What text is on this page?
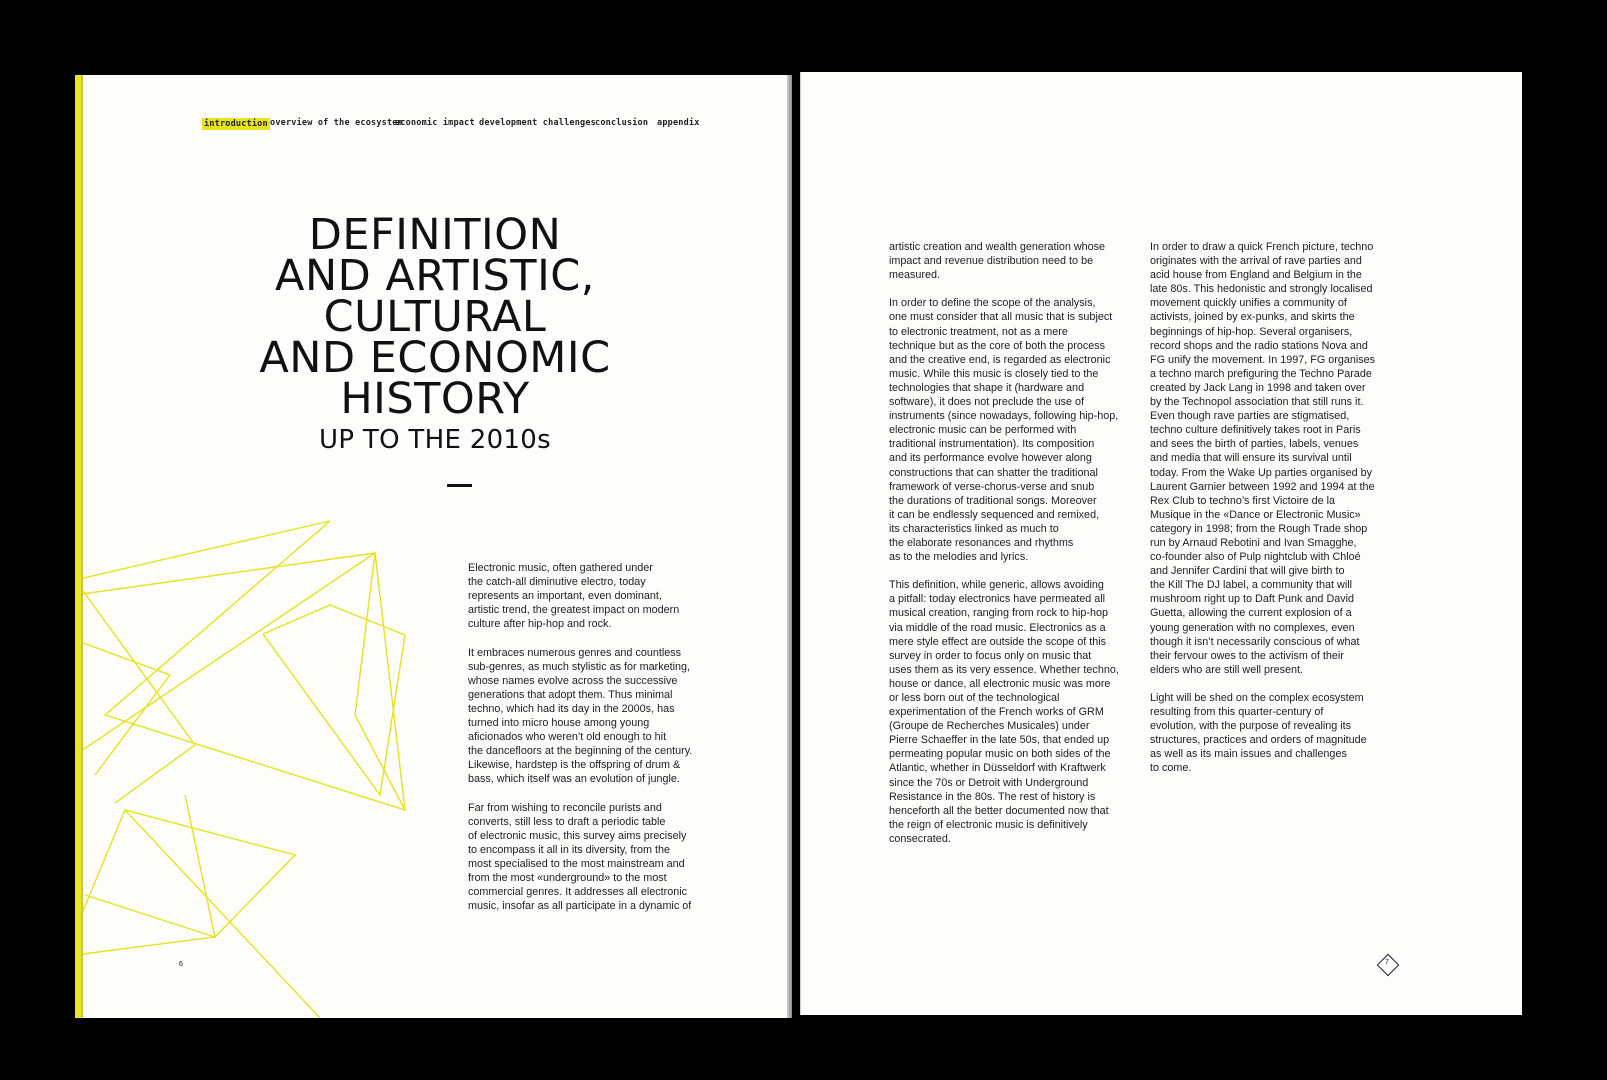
introduction overview of the ecosystem
economic impact development challenges conclusion appendix
DEFINITION
AND ARTISTIC,
CULTURAL
AND ECONOMIC
HISTORY
UP TO THE 2010s

Electronic music, often gathered under
the catch-all diminutive electro, today
represents an important, even dominant,
artistic trend, the greatest impact on modern
culture after hip-hop and rock.

It embraces numerous genres and countless
sub-genres, as much stylistic as for marketing,
whose names evolve across the successive
generations that adopt them. Thus minimal
techno, which had its day in the 2000s, has
turned into micro house among young
aficionados who weren’t old enough to hit
the dancefloors at the beginning of the century.
Likewise, hardstep is the offspring of drum &
bass, which itself was an evolution of jungle.

Far from wishing to reconcile purists and
converts, still less to draft a periodic table
of electronic music, this survey aims precisely
to encompass it all in its diversity, from the
most specialised to the most mainstream and
from the most «underground» to the most
commercial genres. It addresses all electronic
music, insofar as all participate in a dynamic of

6

artistic creation and wealth generation whose
impact and revenue distribution need to be
measured.

In order to define the scope of the analysis,
one must consider that all music that is subject
to electronic treatment, not as a mere
technique but as the core of both the process
and the creative end, is regarded as electronic
music. While this music is closely tied to the
technologies that shape it (hardware and
software), it does not preclude the use of
instruments (since nowadays, following hip-hop,
electronic music can be performed with
traditional instrumentation). Its composition
and its performance evolve however along
constructions that can shatter the traditional
framework of verse-chorus-verse and snub
the durations of traditional songs. Moreover
it can be endlessly sequenced and remixed,
its characteristics linked as much to
the elaborate resonances and rhythms
as to the melodies and lyrics.

This definition, while generic, allows avoiding
a pitfall: today electronics have permeated all
musical creation, ranging from rock to hip-hop
via middle of the road music. Electronics as a
mere style effect are outside the scope of this
survey in order to focus only on music that
uses them as its very essence. Whether techno,
house or dance, all electronic music was more
or less born out of the technological
experimentation of the French works of GRM
(Groupe de Recherches Musicales) under
Pierre Schaeffer in the late 50s, that ended up
permeating popular music on both sides of the
Atlantic, whether in Düsseldorf with Kraftwerk
since the 70s or Detroit with Underground
Resistance in the 80s. The rest of history is
henceforth all the better documented now that
the reign of electronic music is definitively
consecrated.

In order to draw a quick French picture, techno
originates with the arrival of rave parties and
acid house from England and Belgium in the
late 80s. This hedonistic and strongly localised
movement quickly unifies a community of
activists, joined by ex-punks, and skirts the
beginnings of hip-hop. Several organisers,
record shops and the radio stations Nova and
FG unify the movement. In 1997, FG organises
a techno march prefiguring the Techno Parade
created by Jack Lang in 1998 and taken over
by the Technopol association that still runs it.
Even though rave parties are stigmatised,
techno culture definitively takes root in Paris
and sees the birth of parties, labels, venues
and media that will ensure its survival until
today. From the Wake Up parties organised by
Laurent Garnier between 1992 and 1994 at the
Rex Club to techno’s first Victoire de la
Musique in the «Dance or Electronic Music»
category in 1998; from the Rough Trade shop
run by Arnaud Rebotini and Ivan Smagghe,
co-founder also of Pulp nightclub with Chloé
and Jennifer Cardini that will give birth to
the Kill The DJ label, a community that will
mushroom right up to Daft Punk and David
Guetta, allowing the current explosion of a
young generation with no complexes, even
though it isn’t necessarily conscious of what
their fervour owes to the activism of their
elders who are still well present.

Light will be shed on the complex ecosystem
resulting from this quarter-century of
evolution, with the purpose of revealing its
structures, practices and orders of magnitude
as well as its main issues and challenges
to come.

7
